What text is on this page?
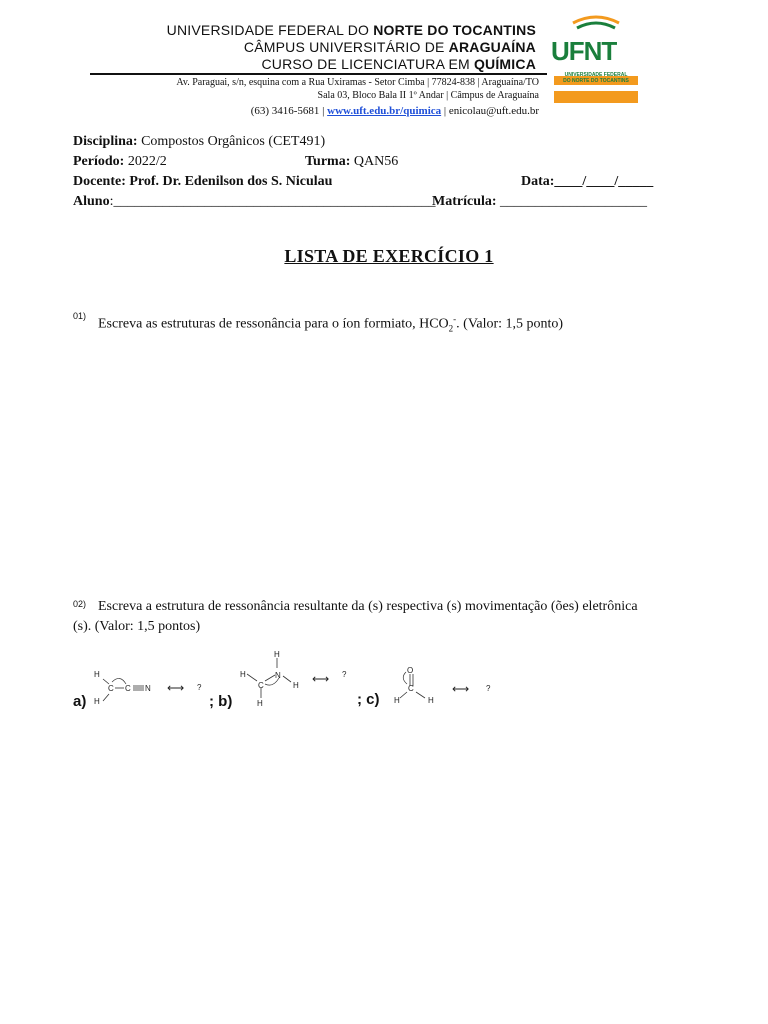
UNIVERSIDADE FEDERAL DO NORTE DO TOCANTINS
CÂMPUS UNIVERSITÁRIO DE ARAGUAÍNA
CURSO DE LICENCIATURA EM QUÍMICA
Av. Paraguai, s/n, esquina com a Rua Uxiramas - Setor Cimba | 77824-838 | Araguaína/TO
Sala 03, Bloco Bala II 1º Andar | Câmpus de Araguaína
(63) 3416-5681 | www.uft.edu.br/quimica | enicolau@uft.edu.br
UFNT
UNIVERSIDADE FEDERAL
DO NORTE DO TOCANTINS
Disciplina: Compostos Orgânicos (CET491)
Período: 2022/2	Turma: QAN56
Docente: Prof. Dr. Edenilson dos S. Niculau	Data:____/____/_____
Aluno:______________________________________________
Matrícula: _____________________
LISTA DE EXERCÍCIO 1
01)
Escreva as estruturas de ressonância para o íon formiato, $HCO_2^-$. (Valor: 1,5 ponto)
02) Escreva a estrutura de ressonância resultante da (s) respectiva (s) movimentação (ões) eletrônica
(s). (Valor: 1,5 pontos)
a)	; b)	; c)
H
H
C C N ⟷ ?
H
H
C
N
H
H
⟷ ?	O
C
H	H
⟷ ?
